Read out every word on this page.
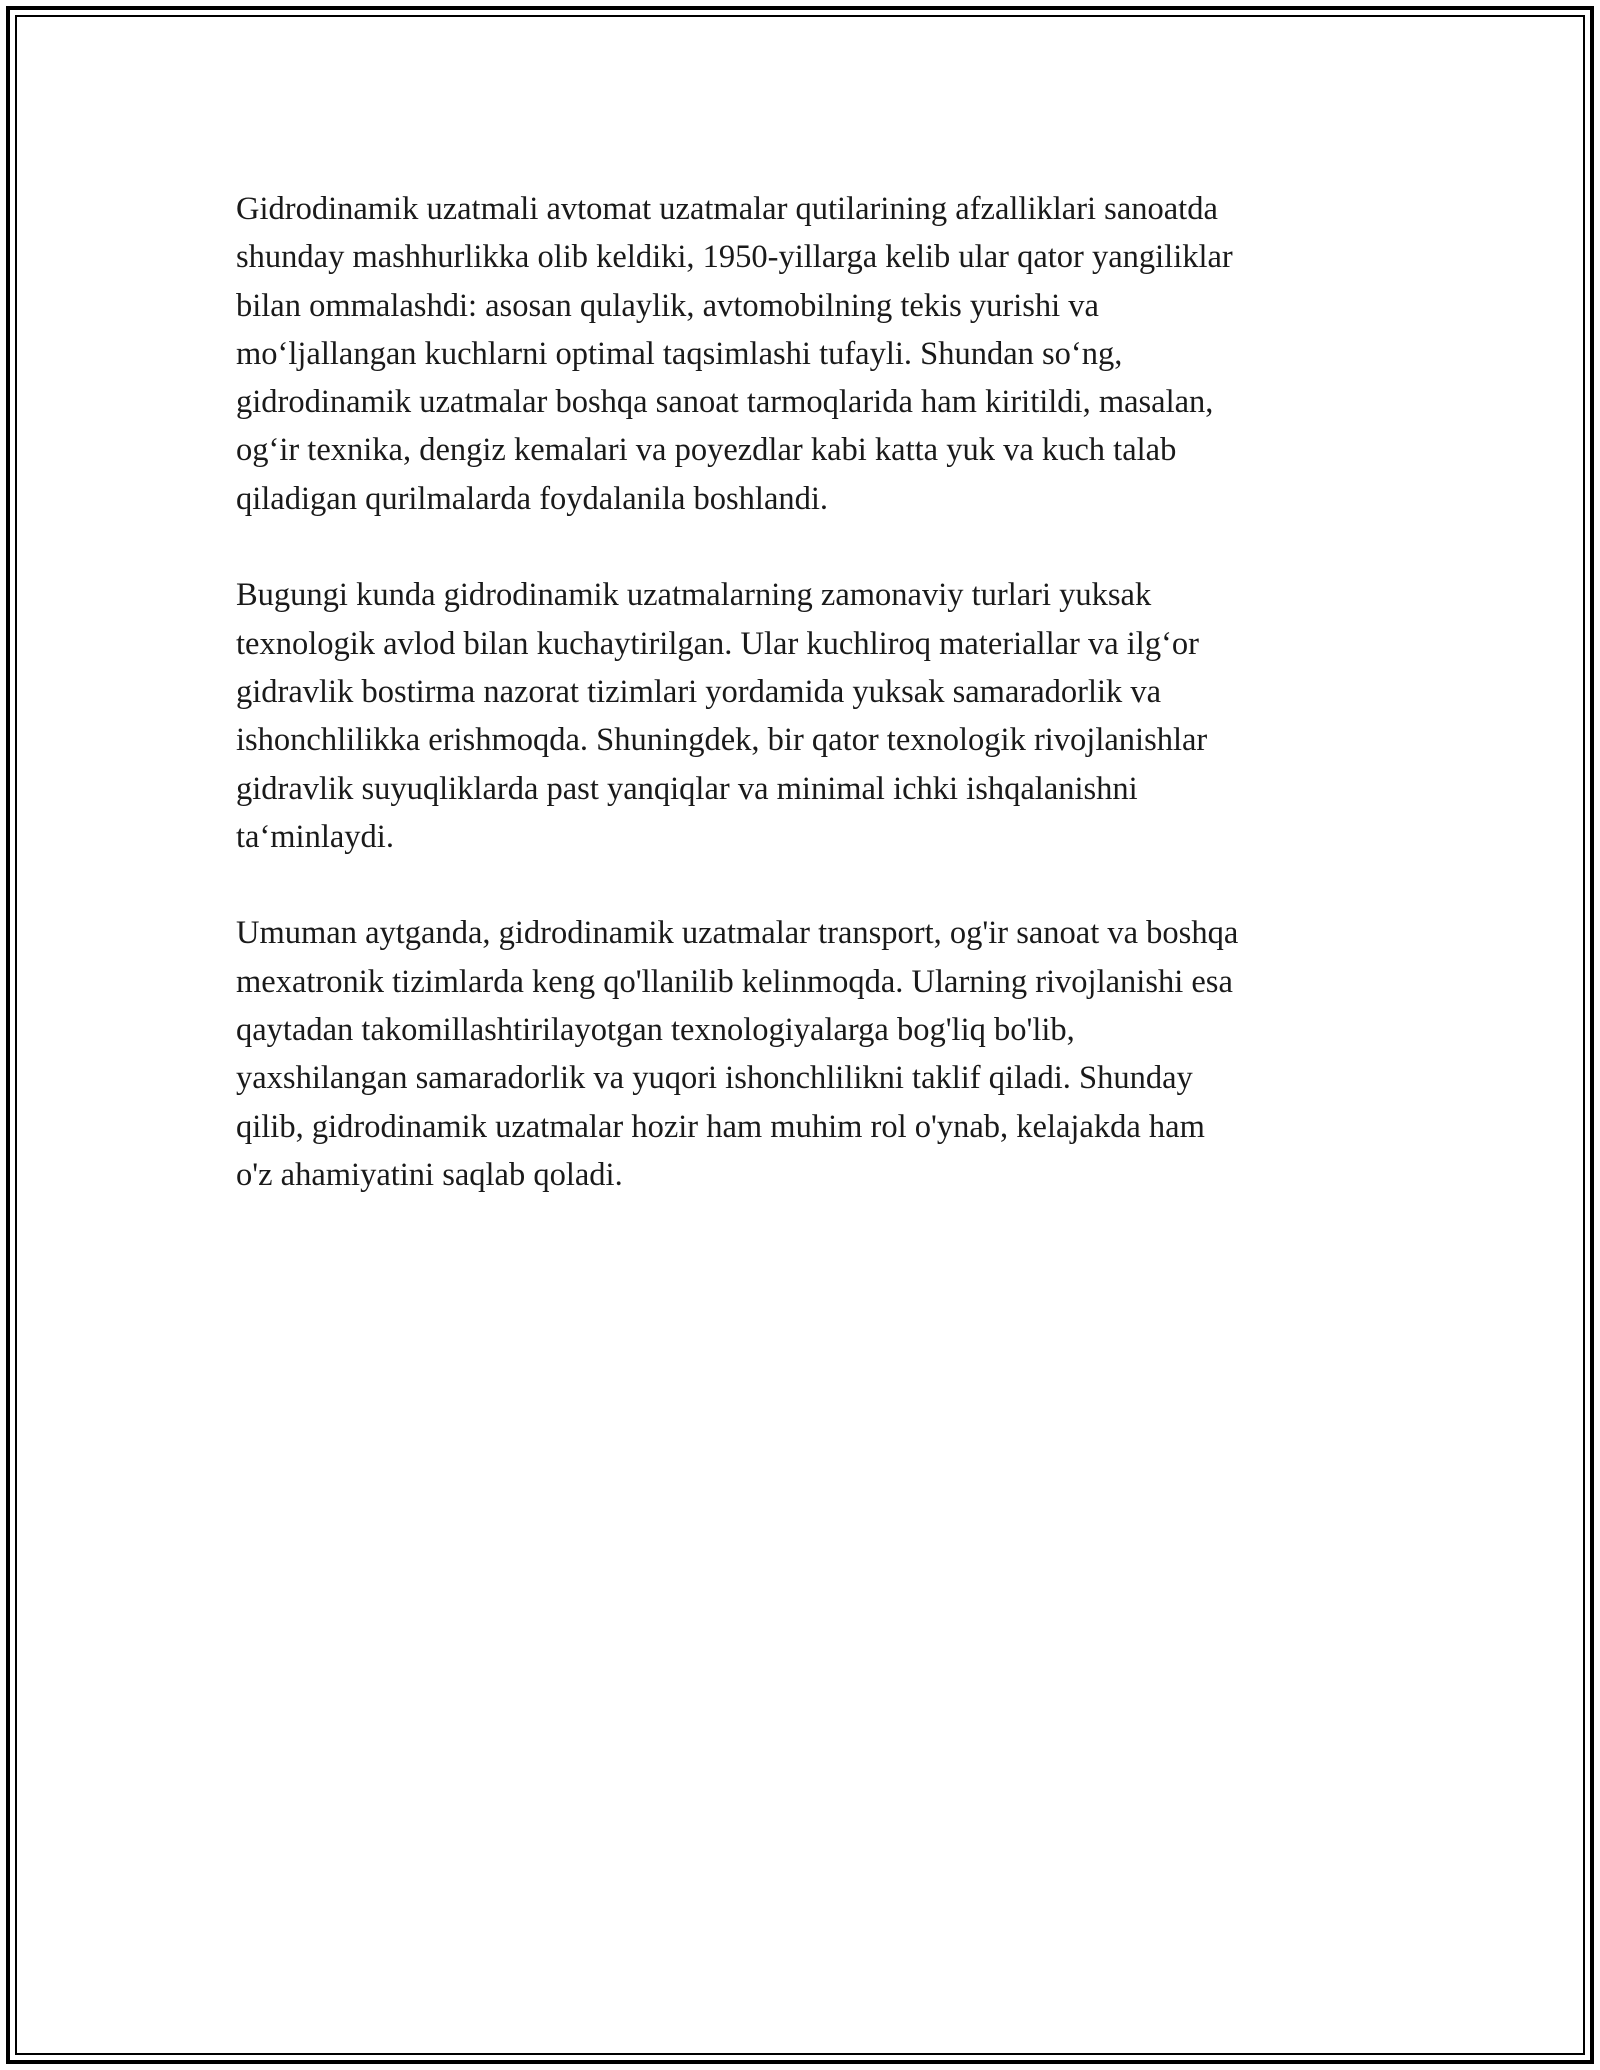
Gidrodinamik uzatmali avtomat uzatmalar qutilarining afzalliklari sanoatda
shunday mashhurlikka olib keldiki, 1950-yillarga kelib ular qator yangiliklar
bilan ommalashdi: asosan qulaylik, avtomobilning tekis yurishi va
mo‘ljallangan kuchlarni optimal taqsimlashi tufayli. Shundan so‘ng,
gidrodinamik uzatmalar boshqa sanoat tarmoqlarida ham kiritildi, masalan,
og‘ir texnika, dengiz kemalari va poyezdlar kabi katta yuk va kuch talab
qiladigan qurilmalarda foydalanila boshlandi.

Bugungi kunda gidrodinamik uzatmalarning zamonaviy turlari yuksak
texnologik avlod bilan kuchaytirilgan. Ular kuchliroq materiallar va ilg‘or
gidravlik bostirma nazorat tizimlari yordamida yuksak samaradorlik va
ishonchlilikka erishmoqda. Shuningdek, bir qator texnologik rivojlanishlar
gidravlik suyuqliklarda past yanqiqlar va minimal ichki ishqalanishni
ta‘minlaydi.

Umuman aytganda, gidrodinamik uzatmalar transport, og'ir sanoat va boshqa
mexatronik tizimlarda keng qo'llanilib kelinmoqda. Ularning rivojlanishi esa
qaytadan takomillashtirilayotgan texnologiyalarga bog'liq bo'lib,
yaxshilangan samaradorlik va yuqori ishonchlilikni taklif qiladi. Shunday
qilib, gidrodinamik uzatmalar hozir ham muhim rol o'ynab, kelajakda ham
o'z ahamiyatini saqlab qoladi.
